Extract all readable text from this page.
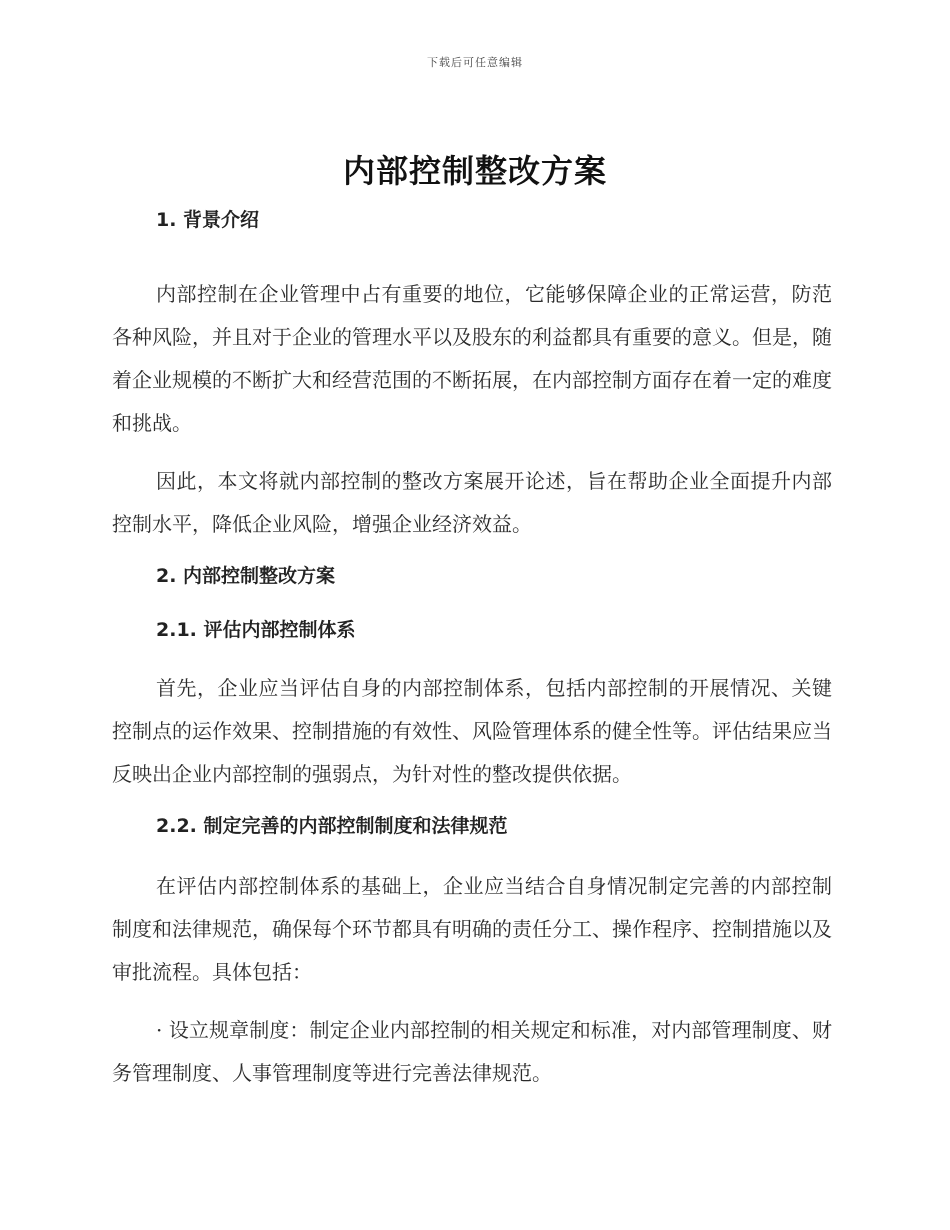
下载后可任意编辑
内部控制整改方案
1. 背景介绍

内部控制在企业管理中占有重要的地位，它能够保障企业的正常运营，防范各种风险，并且对于企业的管理水平以及股东的利益都具有重要的意义。但是，随着企业规模的不断扩大和经营范围的不断拓展，在内部控制方面存在着一定的难度和挑战。

因此，本文将就内部控制的整改方案展开论述，旨在帮助企业全面提升内部控制水平，降低企业风险，增强企业经济效益。

2. 内部控制整改方案
2.1. 评估内部控制体系

首先，企业应当评估自身的内部控制体系，包括内部控制的开展情况、关键控制点的运作效果、控制措施的有效性、风险管理体系的健全性等。评估结果应当反映出企业内部控制的强弱点，为针对性的整改提供依据。

2.2. 制定完善的内部控制制度和法律规范

在评估内部控制体系的基础上，企业应当结合自身情况制定完善的内部控制制度和法律规范，确保每个环节都具有明确的责任分工、操作程序、控制措施以及审批流程。具体包括：

· 设立规章制度：制定企业内部控制的相关规定和标准，对内部管理制度、财务管理制度、人事管理制度等进行完善法律规范。
